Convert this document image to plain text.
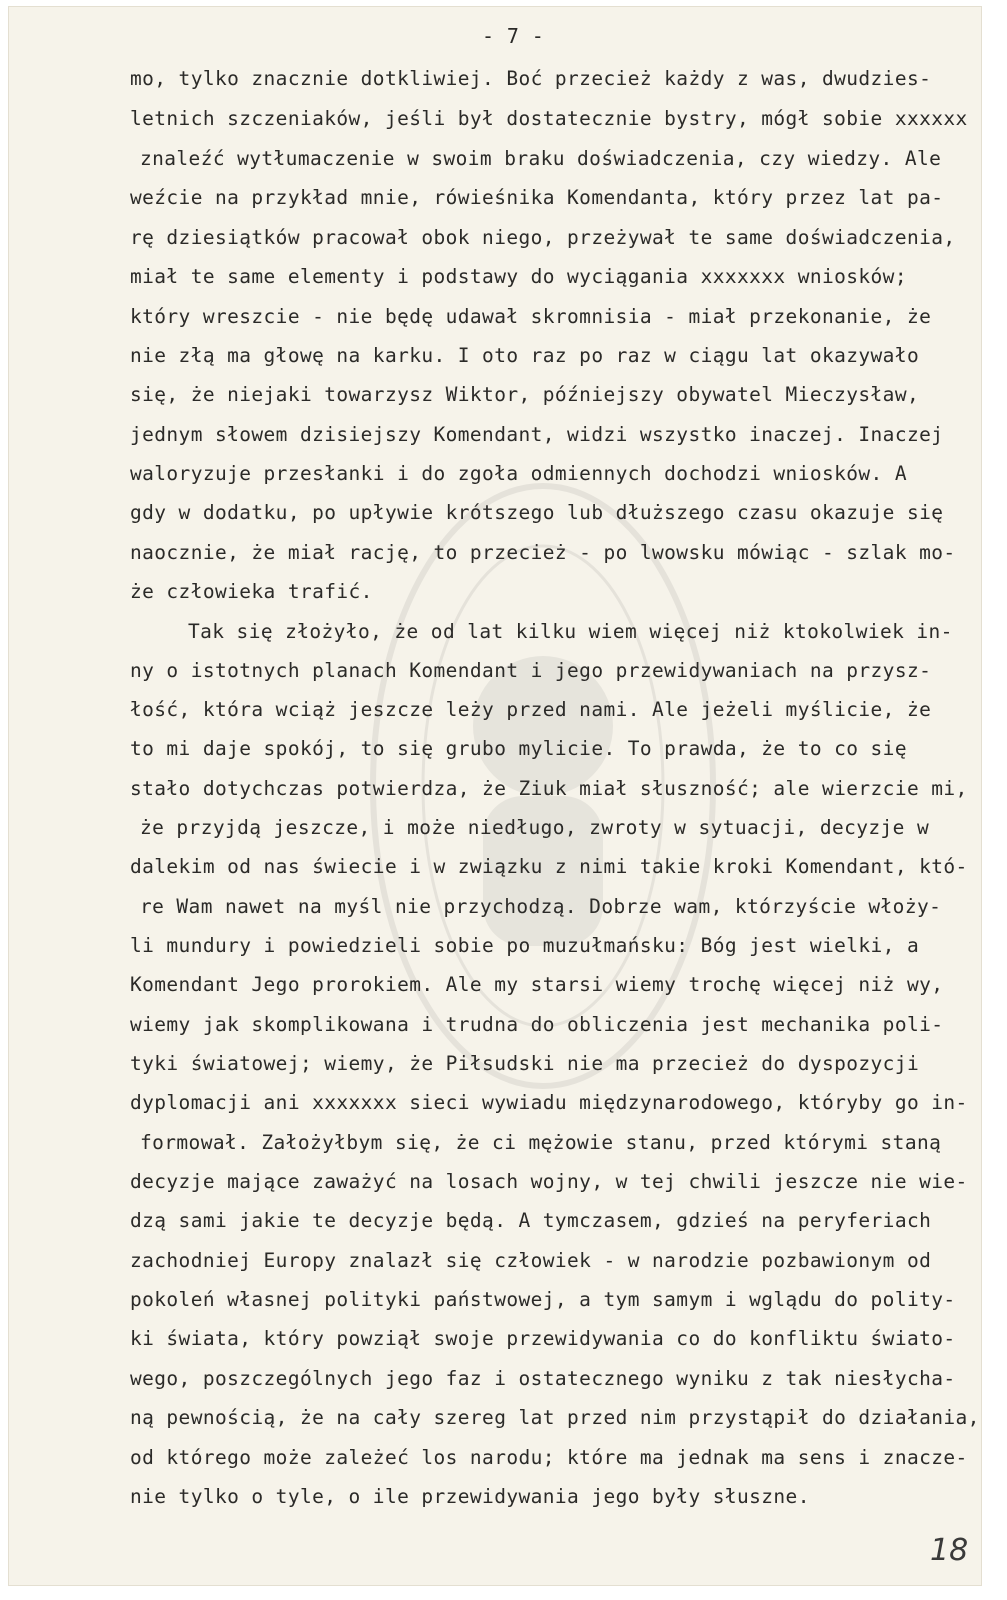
- 7 -
mo, tylko znacznie dotkliwiej. Boć przecież każdy z was, dwudzies-
letnich szczeniaków, jeśli był dostatecznie bystry, mógł sobie xxxxxx
znaleźć wytłumaczenie w swoim braku doświadczenia, czy wiedzy. Ale
weźcie na przykład mnie, rówieśnika Komendanta, który przez lat pa-
rę dziesiątków pracował obok niego, przeżywał te same doświadczenia,
miał te same elementy i podstawy do wyciągania xxxxxxx wniosków;
który wreszcie - nie będę udawał skromnisia - miał przekonanie, że
nie złą ma głowę na karku. I oto raz po raz w ciągu lat okazywało
się, że niejaki towarzysz Wiktor, późniejszy obywatel Mieczysław,
jednym słowem dzisiejszy Komendant, widzi wszystko inaczej. Inaczej
waloryzuje przesłanki i do zgoła odmiennych dochodzi wniosków. A
gdy w dodatku, po upływie krótszego lub dłuższego czasu okazuje się
naocznie, że miał rację, to przecież - po lwowsku mówiąc - szlak mo-
że człowieka trafić.
Tak się złożyło, że od lat kilku wiem więcej niż ktokolwiek in-
ny o istotnych planach Komendant i jego przewidywaniach na przysz-
łość, która wciąż jeszcze leży przed nami. Ale jeżeli myślicie, że
to mi daje spokój, to się grubo mylicie. To prawda, że to co się
stało dotychczas potwierdza, że Ziuk miał słuszność; ale wierzcie mi,
że przyjdą jeszcze, i może niedługo, zwroty w sytuacji, decyzje w
dalekim od nas świecie i w związku z nimi takie kroki Komendant, któ-
re Wam nawet na myśl nie przychodzą. Dobrze wam, którzyście włoży-
li mundury i powiedzieli sobie po muzułmańsku: Bóg jest wielki, a
Komendant Jego prorokiem. Ale my starsi wiemy trochę więcej niż wy,
wiemy jak skomplikowana i trudna do obliczenia jest mechanika poli-
tyki światowej; wiemy, że Piłsudski nie ma przecież do dyspozycji
dyplomacji ani xxxxxxx sieci wywiadu międzynarodowego, któryby go in-
formował. Założyłbym się, że ci mężowie stanu, przed którymi staną
decyzje mające zaważyć na losach wojny, w tej chwili jeszcze nie wie-
dzą sami jakie te decyzje będą. A tymczasem, gdzieś na peryferiach
zachodniej Europy znalazł się człowiek - w narodzie pozbawionym od
pokoleń własnej polityki państwowej, a tym samym i wglądu do polity-
ki świata, który powziął swoje przewidywania co do konfliktu świato-
wego, poszczególnych jego faz i ostatecznego wyniku z tak niesłycha-
ną pewnością, że na cały szereg lat przed nim przystąpił do działania,
od którego może zależeć los narodu; które ma jednak ma sens i znacze-
nie tylko o tyle, o ile przewidywania jego były słuszne.
18
